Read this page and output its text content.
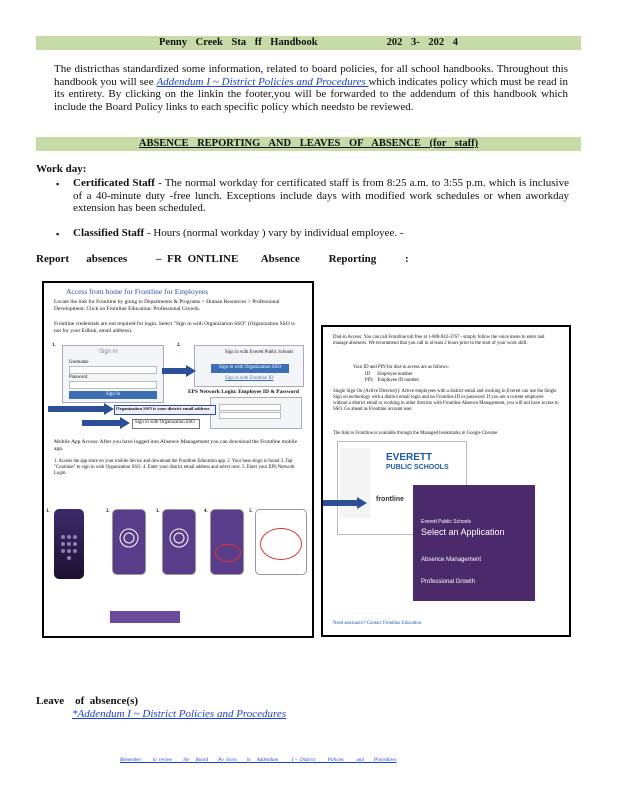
Penny Creek Sta ff Handbook	202 3- 202 4
The districthas standardized some information, related to board policies, for all school handbooks. Throughout this handbook you will see Addendum I ~ District Policies and Procedures which indicates policy which must be read in its entirety. By clicking on the linkin the footer,you will be forwarded to the addendum of this handbook which include the Board Policy links to each specific policy which needsto be reviewed.
ABSENCE REPORTING AND LEAVES OF ABSENCE (for staff)
Work day:
▪ Certificated Staff - The normal workday for certificated staff is from 8:25 a.m. to 3:55 p.m. which is inclusive of a 40-minute duty -free lunch. Exceptions include days with modified work schedules or when aworkday extension has been scheduled.
▪ Classified Staff - Hours (normal workday ) vary by individual employee. -
Report   absences     – FR ONTLINE    Absence     Reporting     :
Access from home for Frontline for Employees
Locate the link for Frontline by going to Departments & Programs > Human Resources > Professional Development. Click on Frontline Education: Professional Growth.
Frontline credentials are not required for login. Select "Sign in with Organization SSO" (Organization SSO is not for your Edlink, email address).
1.
Sign In
Username
Password
Sign In
2.
Sign in with Everett Public Schools
Sign in with Organization SSO
Sign in with Frontline ID
EPS Network Login: Employee ID & Password
Organization SSO is your district email address
Sign in with Organization SSO
Mobile App Access: After you have logged into Absence Management you can download the Frontline mobile app.
1. Access the app store on your mobile device and download the Frontline Education app. 2. Your boss slogo is found 3. Tap "Continue" to sign in with Organization SSO. 4. Enter your district email address and select next. 5. Enter your EPS Network Login.
1.	2.	3.	4.	5.
Dial-in Access: You can call Frontline toll free at 1-800-942-3767 - simply follow the voice menu to enter and manage absences. We recommend that you call in at least 2 hours prior to the start of your work shift.
Your ID and PIN for dial-in access are as follows:
ID      Employee number
PIN    Employee ID number
Single Sign On (Active Directory): Active employees with a district email and working in Everett can use the Single Sign on technology with a district email login and no Frontline ID or password. If you are a current employee without a district email or working in other districts with Frontline Absence Management, you will not have access to SSO. Go ahead as Frontline account user.
The link to Frontline is available through the Managed bookmarks in Google Chrome
EVERETT
PUBLIC SCHOOLS
frontline
Everett Public Schools
Select an Application
Absence Management
Professional Growth
Need assistance? Contact Frontline Education
Leave    of  absence(s)
*Addendum I ~ District Policies and Procedures
Remember         to  review         the     Board        Po  licies        in     Addendum           I ~  District          Policies          and        Procedures
